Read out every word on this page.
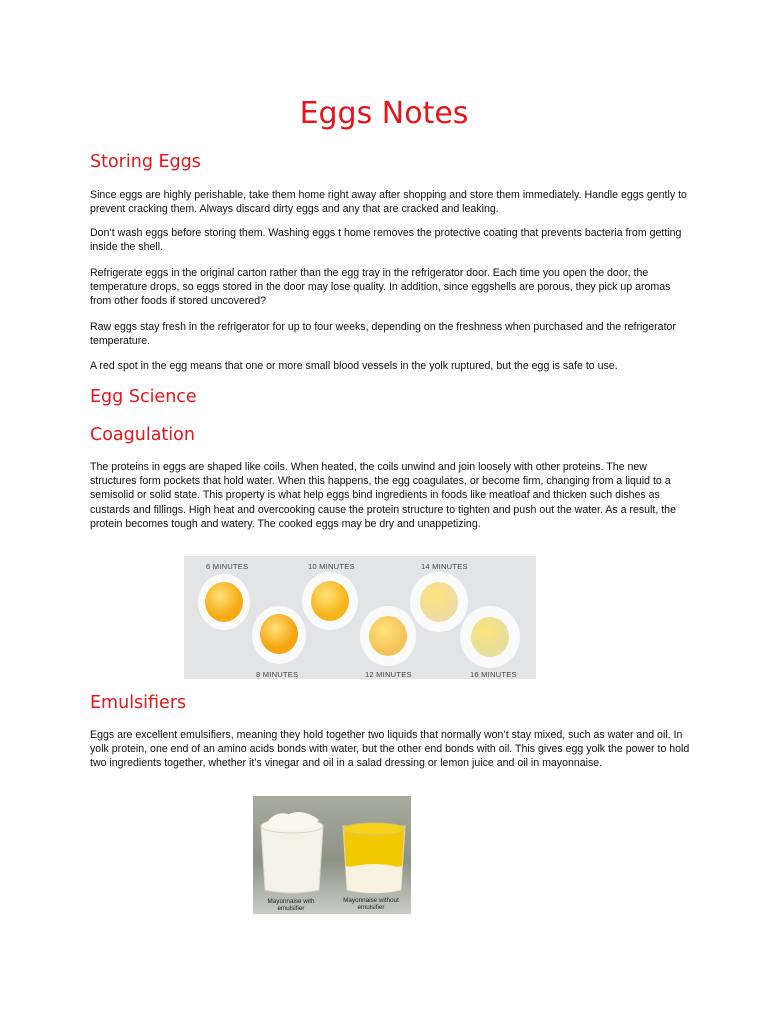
Eggs Notes
Storing Eggs

Since eggs are highly perishable, take them home right away after shopping and store them immediately. Handle eggs gently to prevent cracking them. Always discard dirty eggs and any that are cracked and leaking.

Don’t wash eggs before storing them. Washing eggs t home removes the protective coating that prevents bacteria from getting inside the shell.

Refrigerate eggs in the original carton rather than the egg tray in the refrigerator door. Each time you open the door, the temperature drops, so eggs stored in the door may lose quality. In addition, since eggshells are porous, they pick up aromas from other foods if stored uncovered?

Raw eggs stay fresh in the refrigerator for up to four weeks, depending on the freshness when purchased and the refrigerator temperature.

A red spot in the egg means that one or more small blood vessels in the yolk ruptured, but the egg is safe to use.

Egg Science
Coagulation

The proteins in eggs are shaped like coils. When heated, the coils unwind and join loosely with other proteins. The new structures form pockets that hold water. When this happens, the egg coagulates, or become firm, changing from a liquid to a semisolid or solid state. This property is what help eggs bind ingredients in foods like meatloaf and thicken such dishes as custards and fillings. High heat and overcooking cause the protein structure to tighten and push out the water. As a result, the protein becomes tough and watery. The cooked eggs may be dry and unappetizing.

6 MINUTES
8 MINUTES
10 MINUTES
12 MINUTES
14 MINUTES
16 MINUTES
Emulsifiers

Eggs are excellent emulsifiers, meaning they hold together two liquids that normally won’t stay mixed, such as water and oil. In yolk protein, one end of an amino acids bonds with water, but the other end bonds with oil. This gives egg yolk the power to hold two ingredients together, whether it’s vinegar and oil in a salad dressing or lemon juice and oil in mayonnaise.

Mayonnaise with emulsifier
Mayonnaise without emulsifier
